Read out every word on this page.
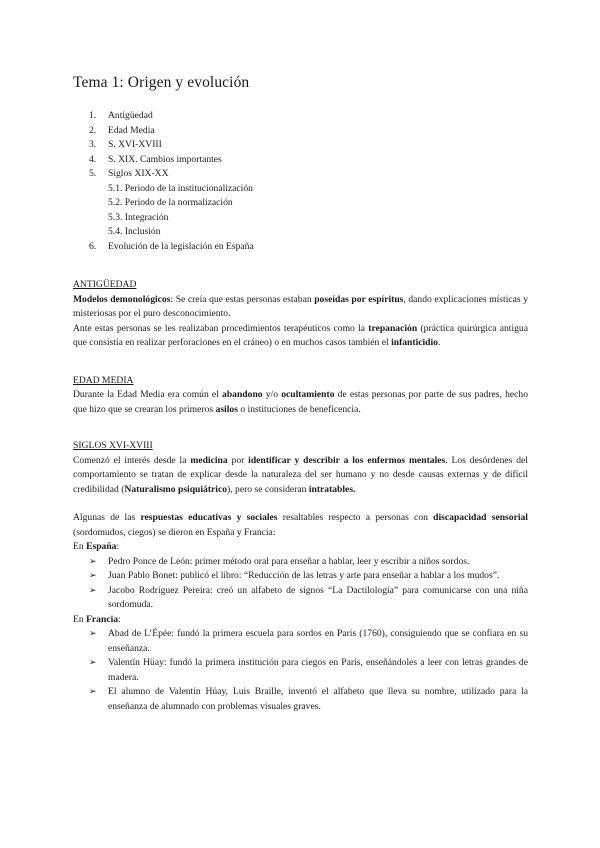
Tema 1: Origen y evolución
1. Antigüedad
2. Edad Media
3. S. XVI-XVIII
4. S. XIX. Cambios importantes
5. Siglos XIX-XX
5.1. Periodo de la institucionalización
5.2. Periodo de la normalización
5.3. Integración
5.4. Inclusión
6. Evolución de la legislación en España
ANTIGÜEDAD

Modelos demonológicos: Se creía que estas personas estaban poseídas por espíritus, dando explicaciones místicas y misteriosas por el puro desconocimiento.

Ante estas personas se les realizaban procedimientos terapéuticos como la trepanación (práctica quirúrgica antigua que consistía en realizar perforaciones en el cráneo) o en muchos casos también el infanticidio.

EDAD MEDIA

Durante la Edad Media era común el abandono y/o ocultamiento de estas personas por parte de sus padres, hecho que hizo que se crearan los primeros asilos o instituciones de beneficencia.

SIGLOS XVI-XVIII

Comenzó el interés desde la medicina por identificar y describir a los enfermos mentales. Los desórdenes del comportamiento se tratan de explicar desde la naturaleza del ser humano y no desde causas externas y de difícil credibilidad (Naturalismo psiquiátrico), pero se consideran intratables.

Algunas de las respuestas educativas y sociales resaltables respecto a personas con discapacidad sensorial (sordomudos, ciegos) se dieron en España y Francia:

En España:
➢ Pedro Ponce de León: primer método oral para enseñar a hablar, leer y escribir a niños sordos.
➢ Juan Pablo Bonet: publicó el libro: “Reducción de las letras y arte para enseñar a hablar a los mudos”.
➢ Jacobo Rodríguez Pereira: creó un alfabeto de signos “La Dactilología” para comunicarse con una niña sordomuda.
En Francia:
➢ Abad de L’Épée: fundó la primera escuela para sordos en París (1760), consiguiendo que se confiara en su enseñanza.
➢ Valentín Hüay: fundó la primera institución para ciegos en París, enseñándoles a leer con letras grandes de madera.
➢ El alumno de Valentín Hüay, Luis Braille, inventó el alfabeto que lleva su nombre, utilizado para la enseñanza de alumnado con problemas visuales graves.
